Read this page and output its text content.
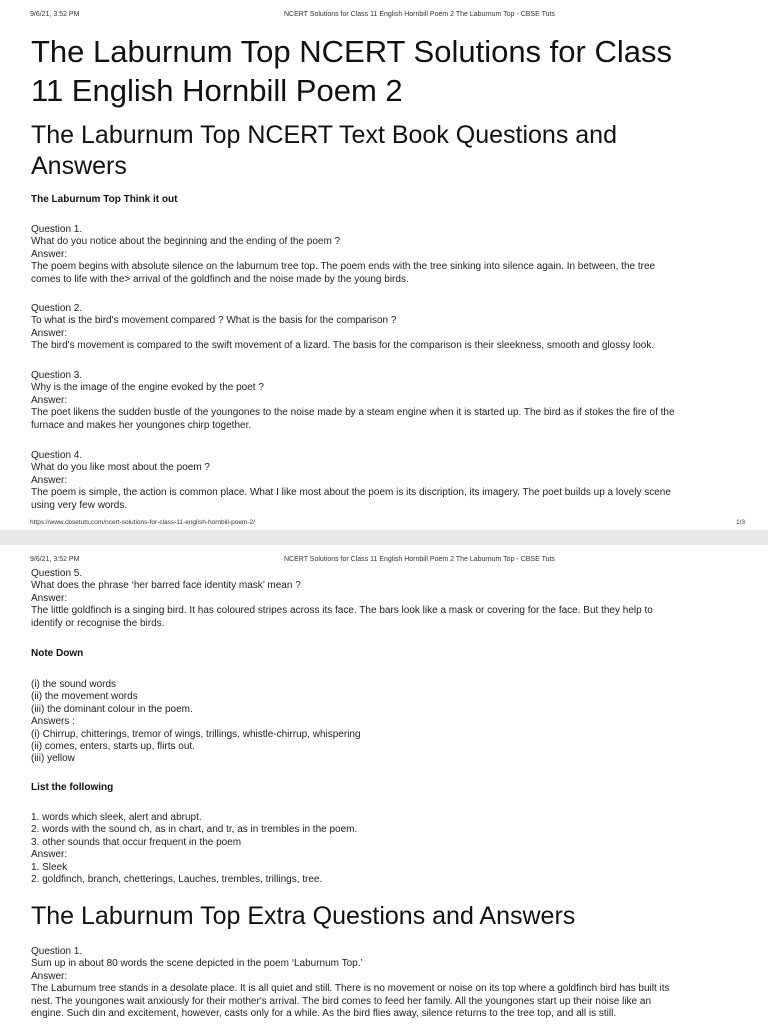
9/6/21, 3:52 PM	NCERT Solutions for Class 11 English Hornbill Poem 2 The Laburnum Top - CBSE Tuts
The Laburnum Top NCERT Solutions for Class
11 English Hornbill Poem 2
The Laburnum Top NCERT Text Book Questions and
Answers
The Laburnum Top Think it out
Question 1.
What do you notice about the beginning and the ending of the poem ?
Answer:
The poem begins with absolute silence on the laburnum tree top. The poem ends with the tree sinking into silence again. In between, the tree
comes to life with the> arrival of the goldfinch and the noise made by the young birds.
Question 2.
To what is the bird's movement compared ? What is the basis for the comparison ?
Answer:
The bird's movement is compared to the swift movement of a lizard. The basis for the comparison is their sleekness, smooth and glossy look.
Question 3.
Why is the image of the engine evoked by the poet ?
Answer:
The poet likens the sudden bustle of the youngones to the noise made by a steam engine when it is started up. The bird as if stokes the fire of the
furnace and makes her youngones chirp together.
Question 4.
What do you like most about the poem ?
Answer:
The poem is simple, the action is common place. What I like most about the poem is its discription, its imagery. The poet builds up a lovely scene
using very few words.
https://www.cbsetuts.com/ncert-solutions-for-class-11-english-hornbill-poem-2/	1/3
9/6/21, 3:52 PM	NCERT Solutions for Class 11 English Hornbill Poem 2 The Laburnum Top - CBSE Tuts
Question 5.
What does the phrase ‘her barred face identity mask’ mean ?
Answer:
The little goldfinch is a singing bird. It has coloured stripes across its face. The bars look like a mask or covering for the face. But they help to
identify or recognise the birds.
Note Down
(i) the sound words
(ii) the movement words
(iii) the dominant colour in the poem.
Answers :
(i) Chirrup, chitterings, tremor of wings, trillings, whistle-chirrup, whispering
(ii) comes, enters, starts up, flirts out.
(iii) yellow
List the following
1. words which sleek, alert and abrupt.
2. words with the sound ch, as in chart, and tr, as in trembles in the poem.
3. other sounds that occur frequent in the poem
Answer:
1. Sleek
2. goldfinch, branch, chetterings, Lauches, trembles, trillings, tree.
The Laburnum Top Extra Questions and Answers
Question 1.
Sum up in about 80 words the scene depicted in the poem ‘Laburnum Top.’
Answer:
The Laburnum tree stands in a desolate place. It is all quiet and still. There is no movement or noise on its top where a goldfinch bird has built its
nest. The youngones wait anxiously for their mother's arrival. The bird comes to feed her family. All the youngones start up their noise like an
engine. Such din and excitement, however, casts only for a while. As the bird flies away, silence returns to the tree top, and all is still.
